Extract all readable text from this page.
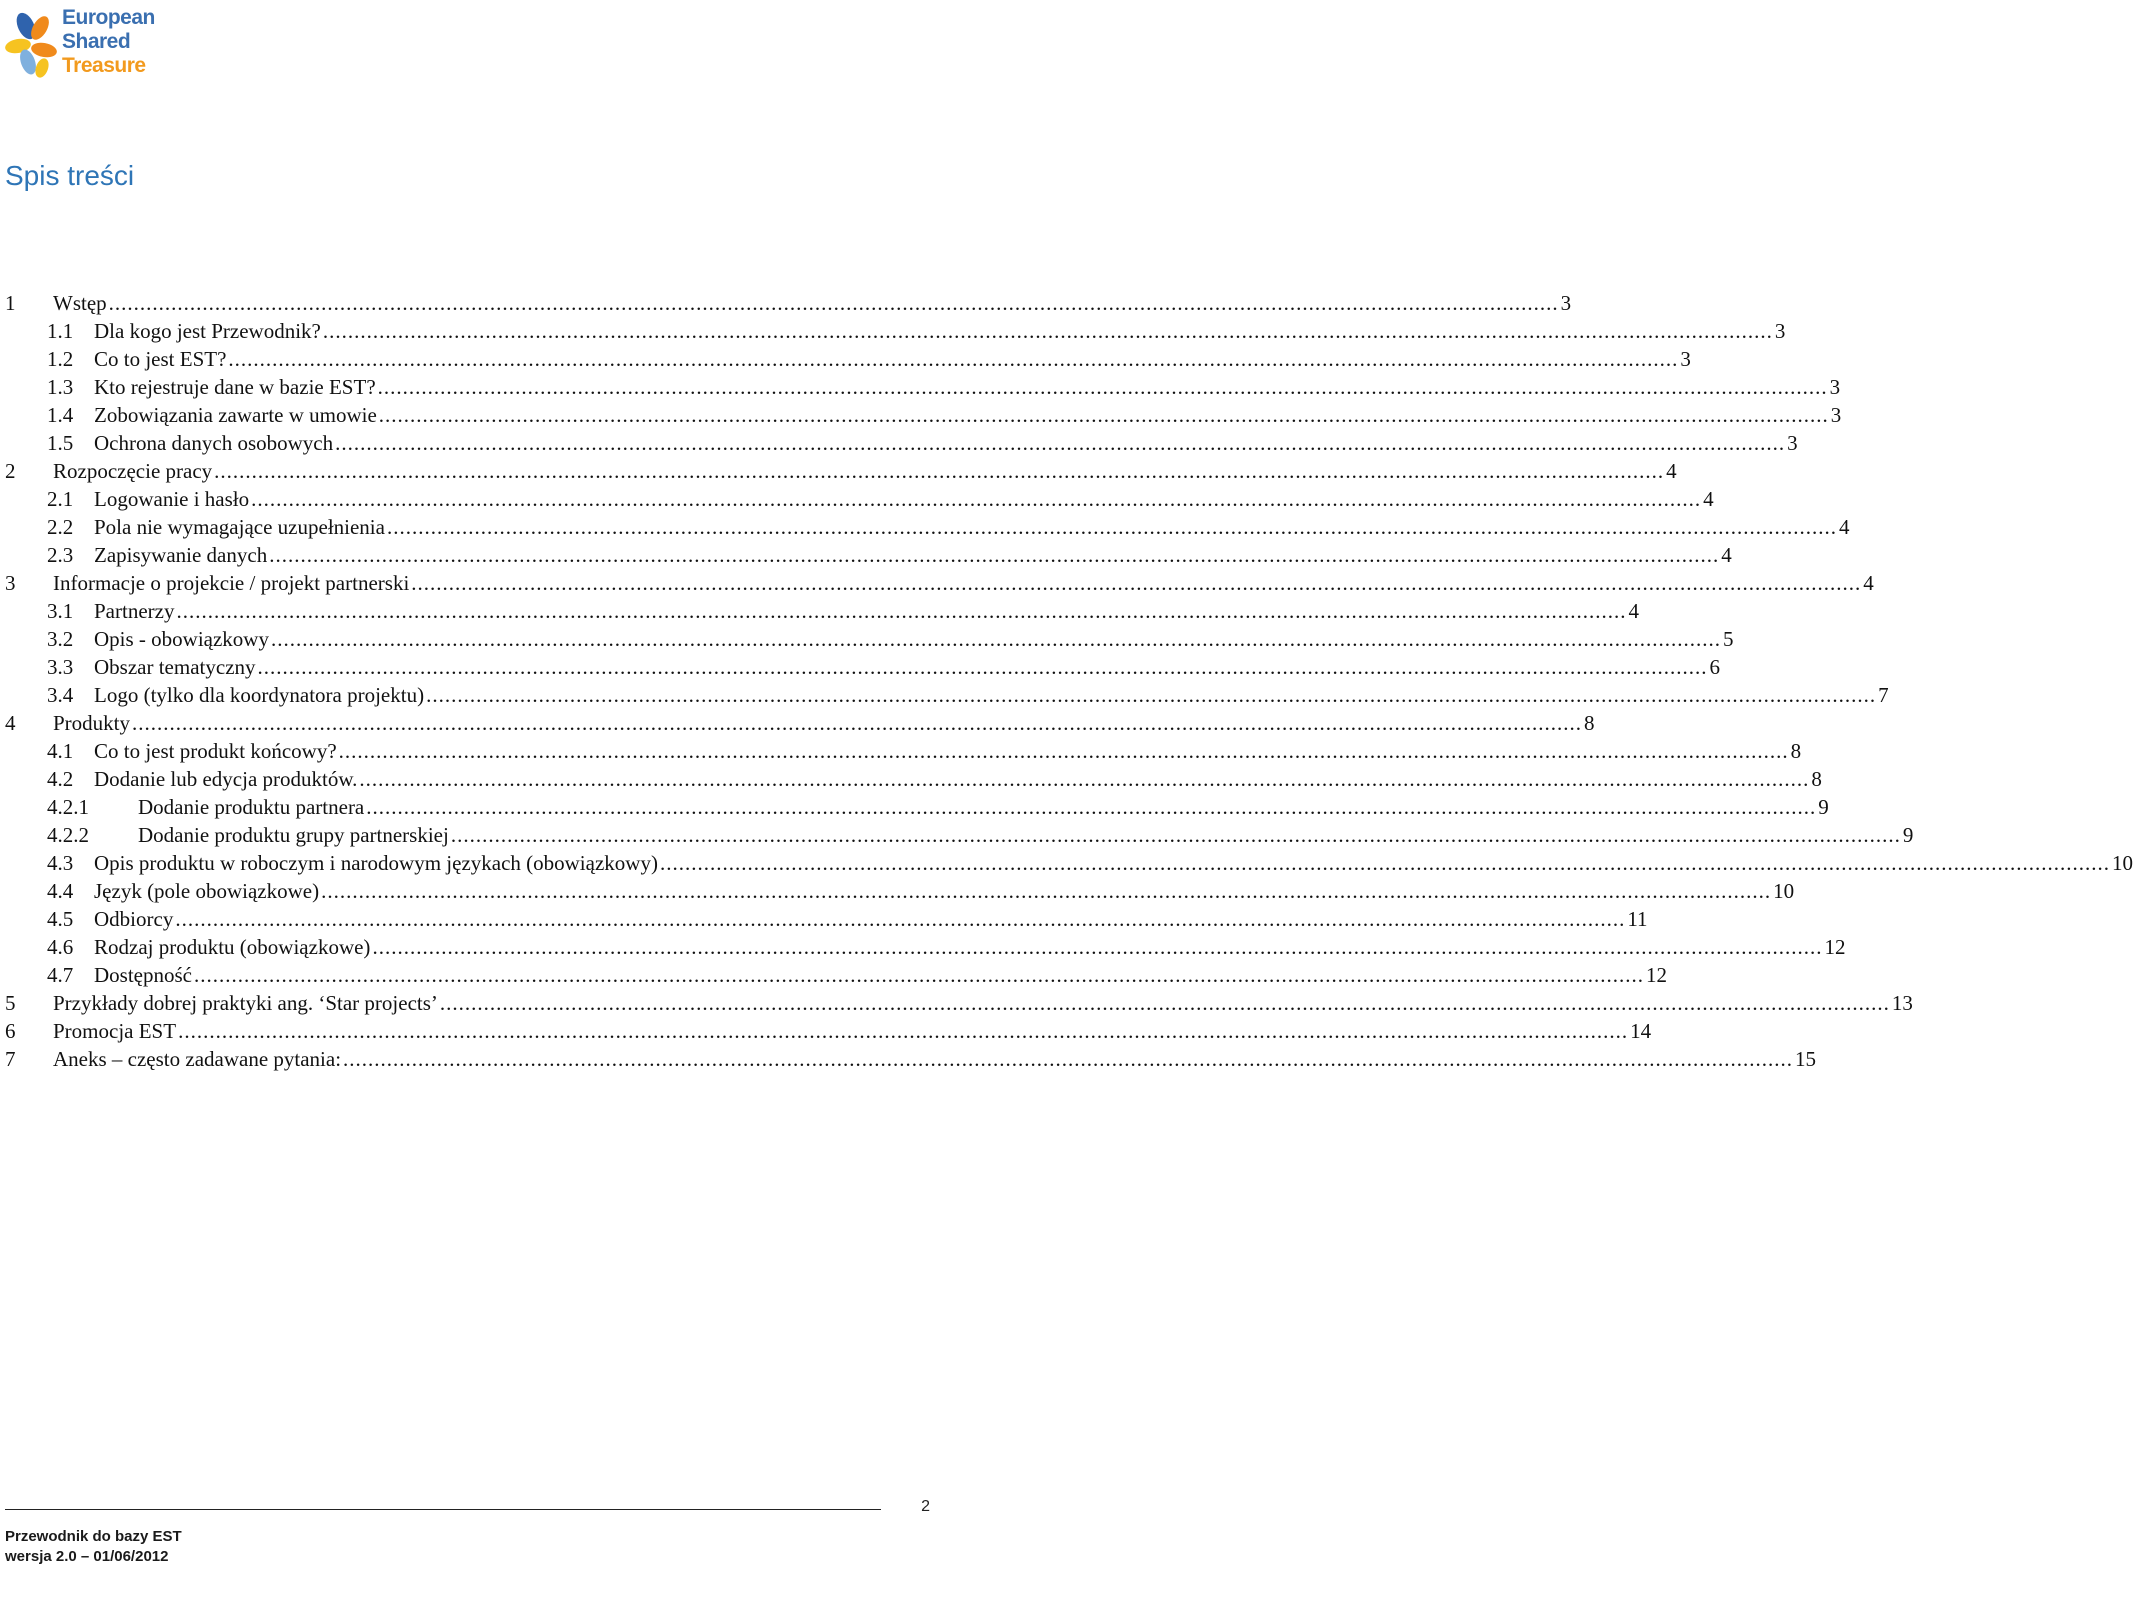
European
Shared
Treasure
Spis treści
1	Wstęp .....	3
1.1 Dla kogo jest Przewodnik? .....	3
1.2 Co to jest EST? .....	3
1.3 Kto rejestruje dane w bazie EST? .....	3
1.4 Zobowiązania zawarte w umowie .....	3
1.5 Ochrona danych osobowych .....	3
2	Rozpoczęcie pracy .....	4
2.1 Logowanie i hasło .....	4
2.2 Pola nie wymagające uzupełnienia .....	4
2.3 Zapisywanie danych .....	4
3	Informacje o projekcie / projekt partnerski .....	4
3.1 Partnerzy .....	4
3.2 Opis - obowiązkowy .....	5
3.3 Obszar tematyczny .....	6
3.4 Logo (tylko dla koordynatora projektu) .....	7
4	Produkty .....	8
4.1 Co to jest produkt końcowy? .....	8
4.2 Dodanie lub edycja produktów. .....	8
4.2.1	Dodanie produktu partnera .....	9
4.2.2	Dodanie produktu grupy partnerskiej .....	9
4.3 Opis produktu w roboczym i narodowym językach (obowiązkowy) .....	10
4.4 Język (pole obowiązkowe) .....	10
4.5 Odbiorcy .....	11
4.6 Rodzaj produktu (obowiązkowe) .....	12
4.7 Dostępność .....	12
5	Przykłady dobrej praktyki ang. ‘Star projects’ .....	13
6	Promocja EST .....	14
7	Aneks – często zadawane pytania: .....	15
2
Przewodnik do bazy EST
wersja 2.0 – 01/06/2012
